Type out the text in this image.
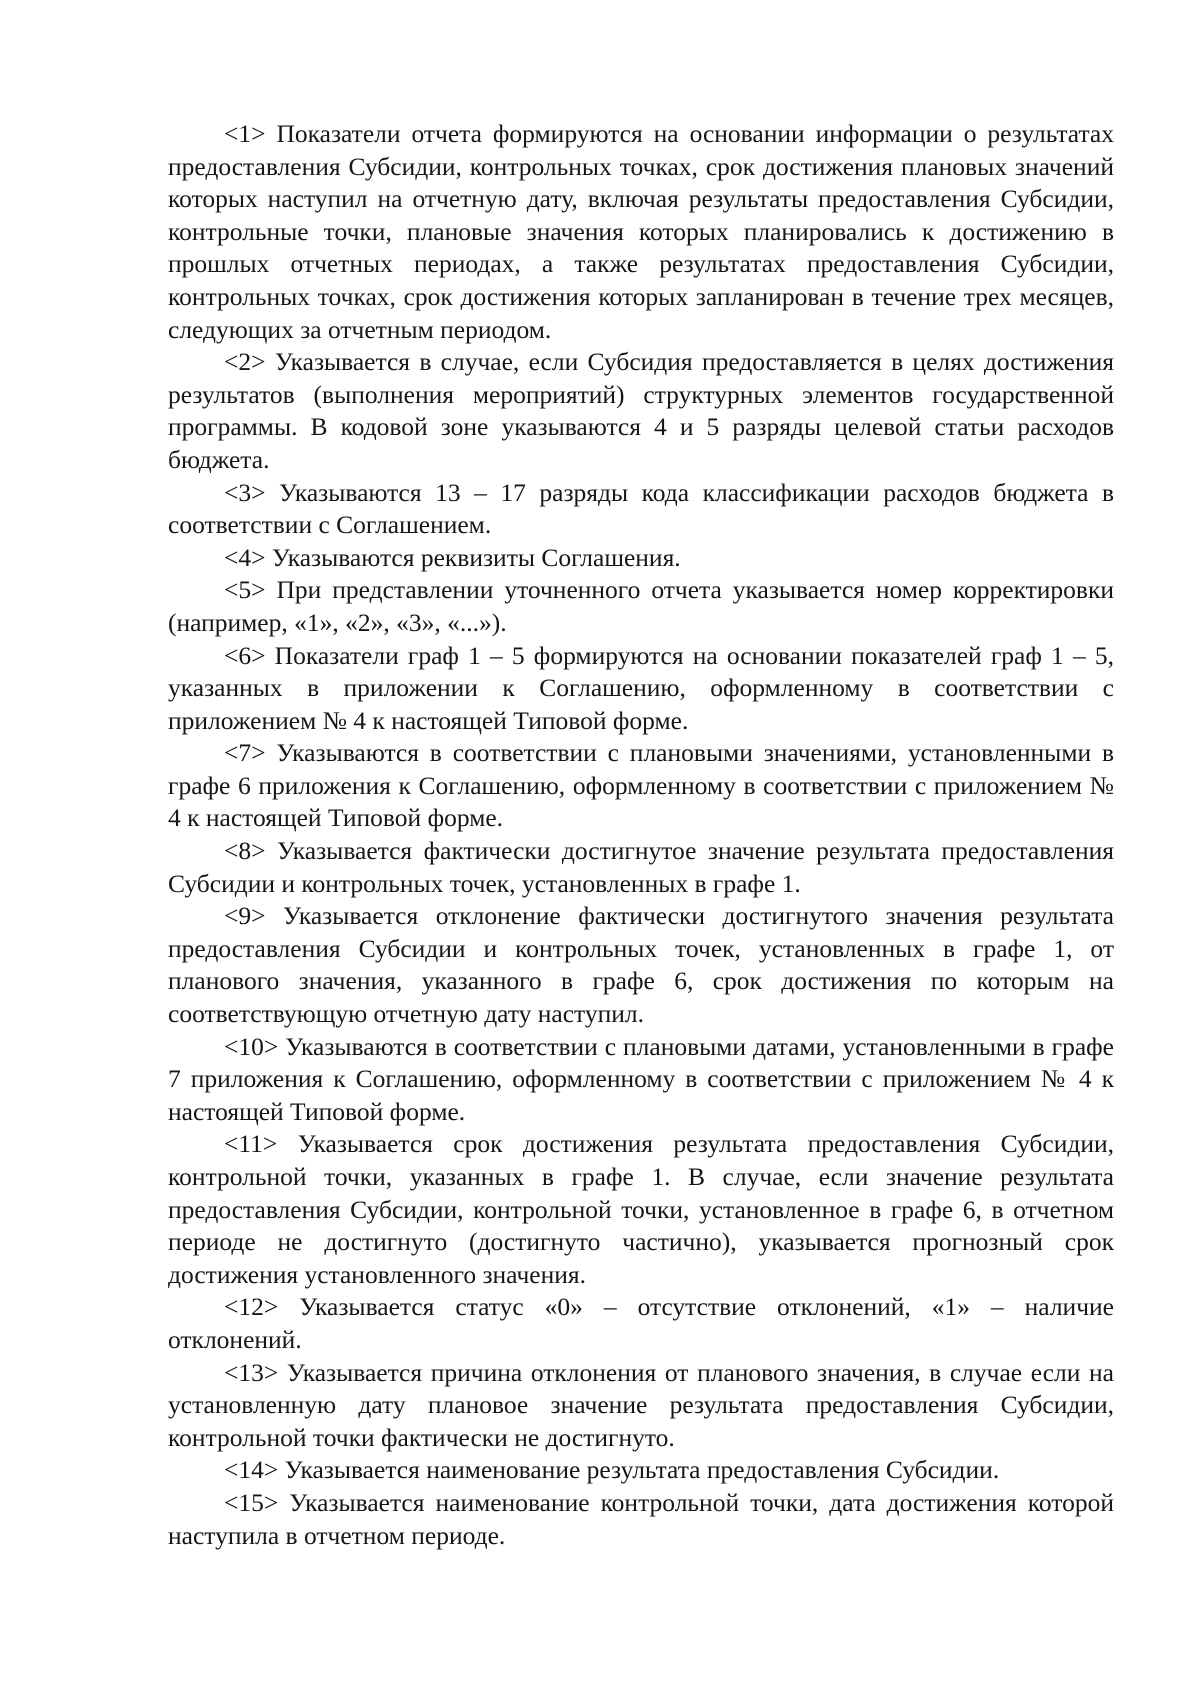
<1> Показатели отчета формируются на основании информации о результатах предоставления Субсидии, контрольных точках, срок достижения плановых значений которых наступил на отчетную дату, включая результаты предоставления Субсидии, контрольные точки, плановые значения которых планировались к достижению в прошлых отчетных периодах, а также результатах предоставления Субсидии, контрольных точках, срок достижения которых запланирован в течение трех месяцев, следующих за отчетным периодом.

<2> Указывается в случае, если Субсидия предоставляется в целях достижения результатов (выполнения мероприятий) структурных элементов государственной программы. В кодовой зоне указываются 4 и 5 разряды целевой статьи расходов бюджета.

<3> Указываются 13 – 17 разряды кода классификации расходов бюджета в соответствии с Соглашением.

<4> Указываются реквизиты Соглашения.

<5> При представлении уточненного отчета указывается номер корректировки (например, «1», «2», «3», «...»).

<6> Показатели граф 1 – 5 формируются на основании показателей граф 1 – 5, указанных в приложении к Соглашению, оформленному в соответствии с приложением № 4 к настоящей Типовой форме.

<7> Указываются в соответствии с плановыми значениями, установленными в графе 6 приложения к Соглашению, оформленному в соответствии с приложением № 4 к настоящей Типовой форме.

<8> Указывается фактически достигнутое значение результата предоставления Субсидии и контрольных точек, установленных в графе 1.

<9> Указывается отклонение фактически достигнутого значения результата предоставления Субсидии и контрольных точек, установленных в графе 1, от планового значения, указанного в графе 6, срок достижения по которым на соответствующую отчетную дату наступил.

<10> Указываются в соответствии с плановыми датами, установленными в графе 7 приложения к Соглашению, оформленному в соответствии с приложением № 4 к настоящей Типовой форме.

<11> Указывается срок достижения результата предоставления Субсидии, контрольной точки, указанных в графе 1. В случае, если значение результата предоставления Субсидии, контрольной точки, установленное в графе 6, в отчетном периоде не достигнуто (достигнуто частично), указывается прогнозный срок достижения установленного значения.

<12> Указывается статус «0» – отсутствие отклонений, «1» – наличие отклонений.

<13> Указывается причина отклонения от планового значения, в случае если на установленную дату плановое значение результата предоставления Субсидии, контрольной точки фактически не достигнуто.

<14> Указывается наименование результата предоставления Субсидии.

<15> Указывается наименование контрольной точки, дата достижения которой наступила в отчетном периоде.
